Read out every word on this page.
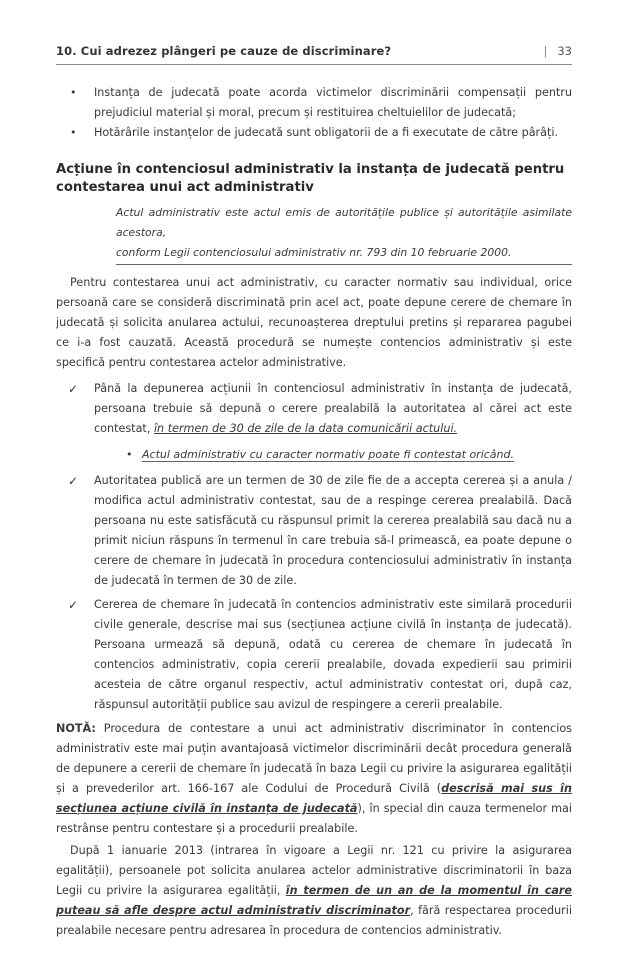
10. Cui adrezez plângeri pe cauze de discriminare?	| 33
• Instanța de judecată poate acorda victimelor discriminării compensații pentru prejudiciul material și moral, precum și restituirea cheltuielilor de judecată;
• Hotărârile instanțelor de judecată sunt obligatorii de a fi executate de către pârâți.
Acțiune în contenciosul administrativ la instanța de judecată pentru contestarea unui act administrativ
Actul administrativ este actul emis de autoritățile publice și autoritățile asimilate acestora,
conform Legii contenciosului administrativ nr. 793 din 10 februarie 2000.

Pentru contestarea unui act administrativ, cu caracter normativ sau individual, orice persoană care se consideră discriminată prin acel act, poate depune cerere de chemare în judecată și solicita anularea actului, recunoașterea dreptului pretins și repararea pagubei ce i-a fost cauzată. Această procedură se numește contencios administrativ și este specifică pentru contestarea actelor administrative.

✓ Până la depunerea acțiunii în contenciosul administrativ în instanța de judecată, persoana trebuie să depună o cerere prealabilă la autoritatea al cărei act este contestat, în termen de 30 de zile de la data comunicării actului.
• Actul administrativ cu caracter normativ poate fi contestat oricând.
✓ Autoritatea publică are un termen de 30 de zile fie de a accepta cererea și a anula / modifica actul administrativ contestat, sau de a respinge cererea prealabilă. Dacă persoana nu este satisfăcută cu răspunsul primit la cererea prealabilă sau dacă nu a primit niciun răspuns în termenul în care trebuia să-l primească, ea poate depune o cerere de chemare în judecată în procedura contenciosului administrativ în instanța de judecată în termen de 30 de zile.
✓ Cererea de chemare în judecată în contencios administrativ este similară procedurii civile generale, descrise mai sus (secțiunea acțiune civilă în instanța de judecată). Persoana urmează să depună, odată cu cererea de chemare în judecată în contencios administrativ, copia cererii prealabile, dovada expedierii sau primirii acesteia de către organul respectiv, actul administrativ contestat ori, după caz, răspunsul autorității publice sau avizul de respingere a cererii prealabile.
NOTĂ: Procedura de contestare a unui act administrativ discriminator în contencios administrativ este mai puțin avantajoasă victimelor discriminării decât procedura generală de depunere a cererii de chemare în judecată în baza Legii cu privire la asigurarea egalității și a prevederilor art. 166-167 ale Codului de Procedură Civilă (descrisă mai sus în secțiunea acțiune civilă în instanța de judecată), în special din cauza termenelor mai restrânse pentru contestare și a procedurii prealabile.

După 1 ianuarie 2013 (intrarea în vigoare a Legii nr. 121 cu privire la asigurarea egalității), persoanele pot solicita anularea actelor administrative discriminatorii în baza Legii cu privire la asigurarea egalității, în termen de un an de la momentul în care puteau să afle despre actul administrativ discriminator, fără respectarea procedurii prealabile necesare pentru adresarea în procedura de contencios administrativ.
